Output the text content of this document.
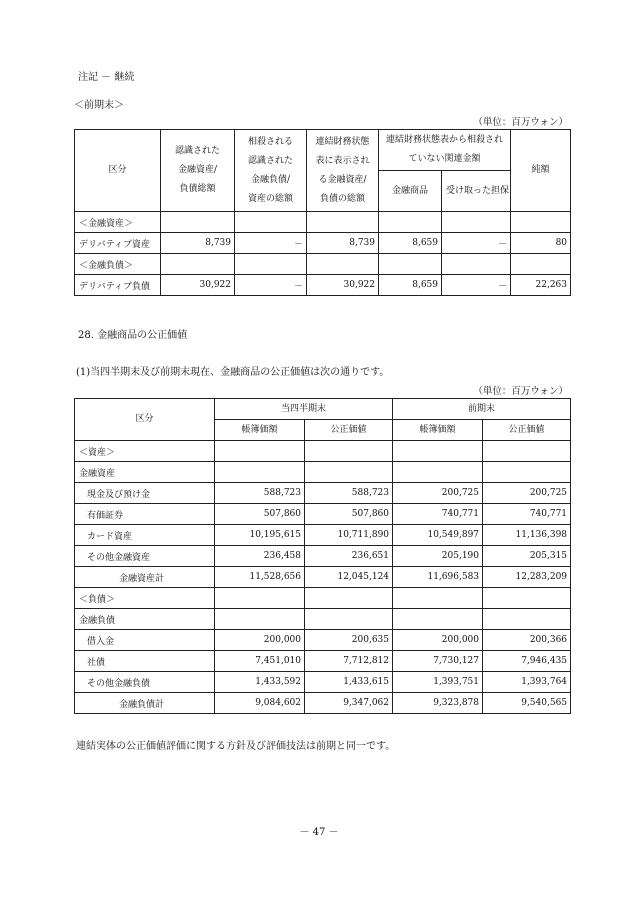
注記 － 継続
＜前期末＞
（単位：百万ウォン）
区分	認識された
金融資産/
負債総額	相殺される
認識された
金融負債/
資産の総額	連結財務状態
表に表示され
る金融資産/
負債の総額	連結財務状態表から相殺され
ていない関連金額		純額
				金融商品	受け取った担保	
＜金融資産＞						
デリバティブ資産	8,739	－	8,739	8,659	－	80
＜金融負債＞						
デリバティブ負債	30,922	－	30,922	8,659	－	22,263
28. 金融商品の公正価値
(1)当四半期末及び前期末現在、金融商品の公正価値は次の通りです。
（単位：百万ウォン）
区分	当四半期末		前期末	
	帳簿価額	公正価値	帳簿価額	公正価値
＜資産＞				
金融資産				
現金及び預け金	588,723	588,723	200,725	200,725
有価証券	507,860	507,860	740,771	740,771
カード資産	10,195,615	10,711,890	10,549,897	11,136,398
その他金融資産	236,458	236,651	205,190	205,315
金融資産計	11,528,656	12,045,124	11,696,583	12,283,209
＜負債＞				
金融負債				
借入金	200,000	200,635	200,000	200,366
社債	7,451,010	7,712,812	7,730,127	7,946,435
その他金融負債	1,433,592	1,433,615	1,393,751	1,393,764
金融負債計	9,084,602	9,347,062	9,323,878	9,540,565
連結実体の公正価値評価に関する方針及び評価技法は前期と同一です。
－ 47 －
